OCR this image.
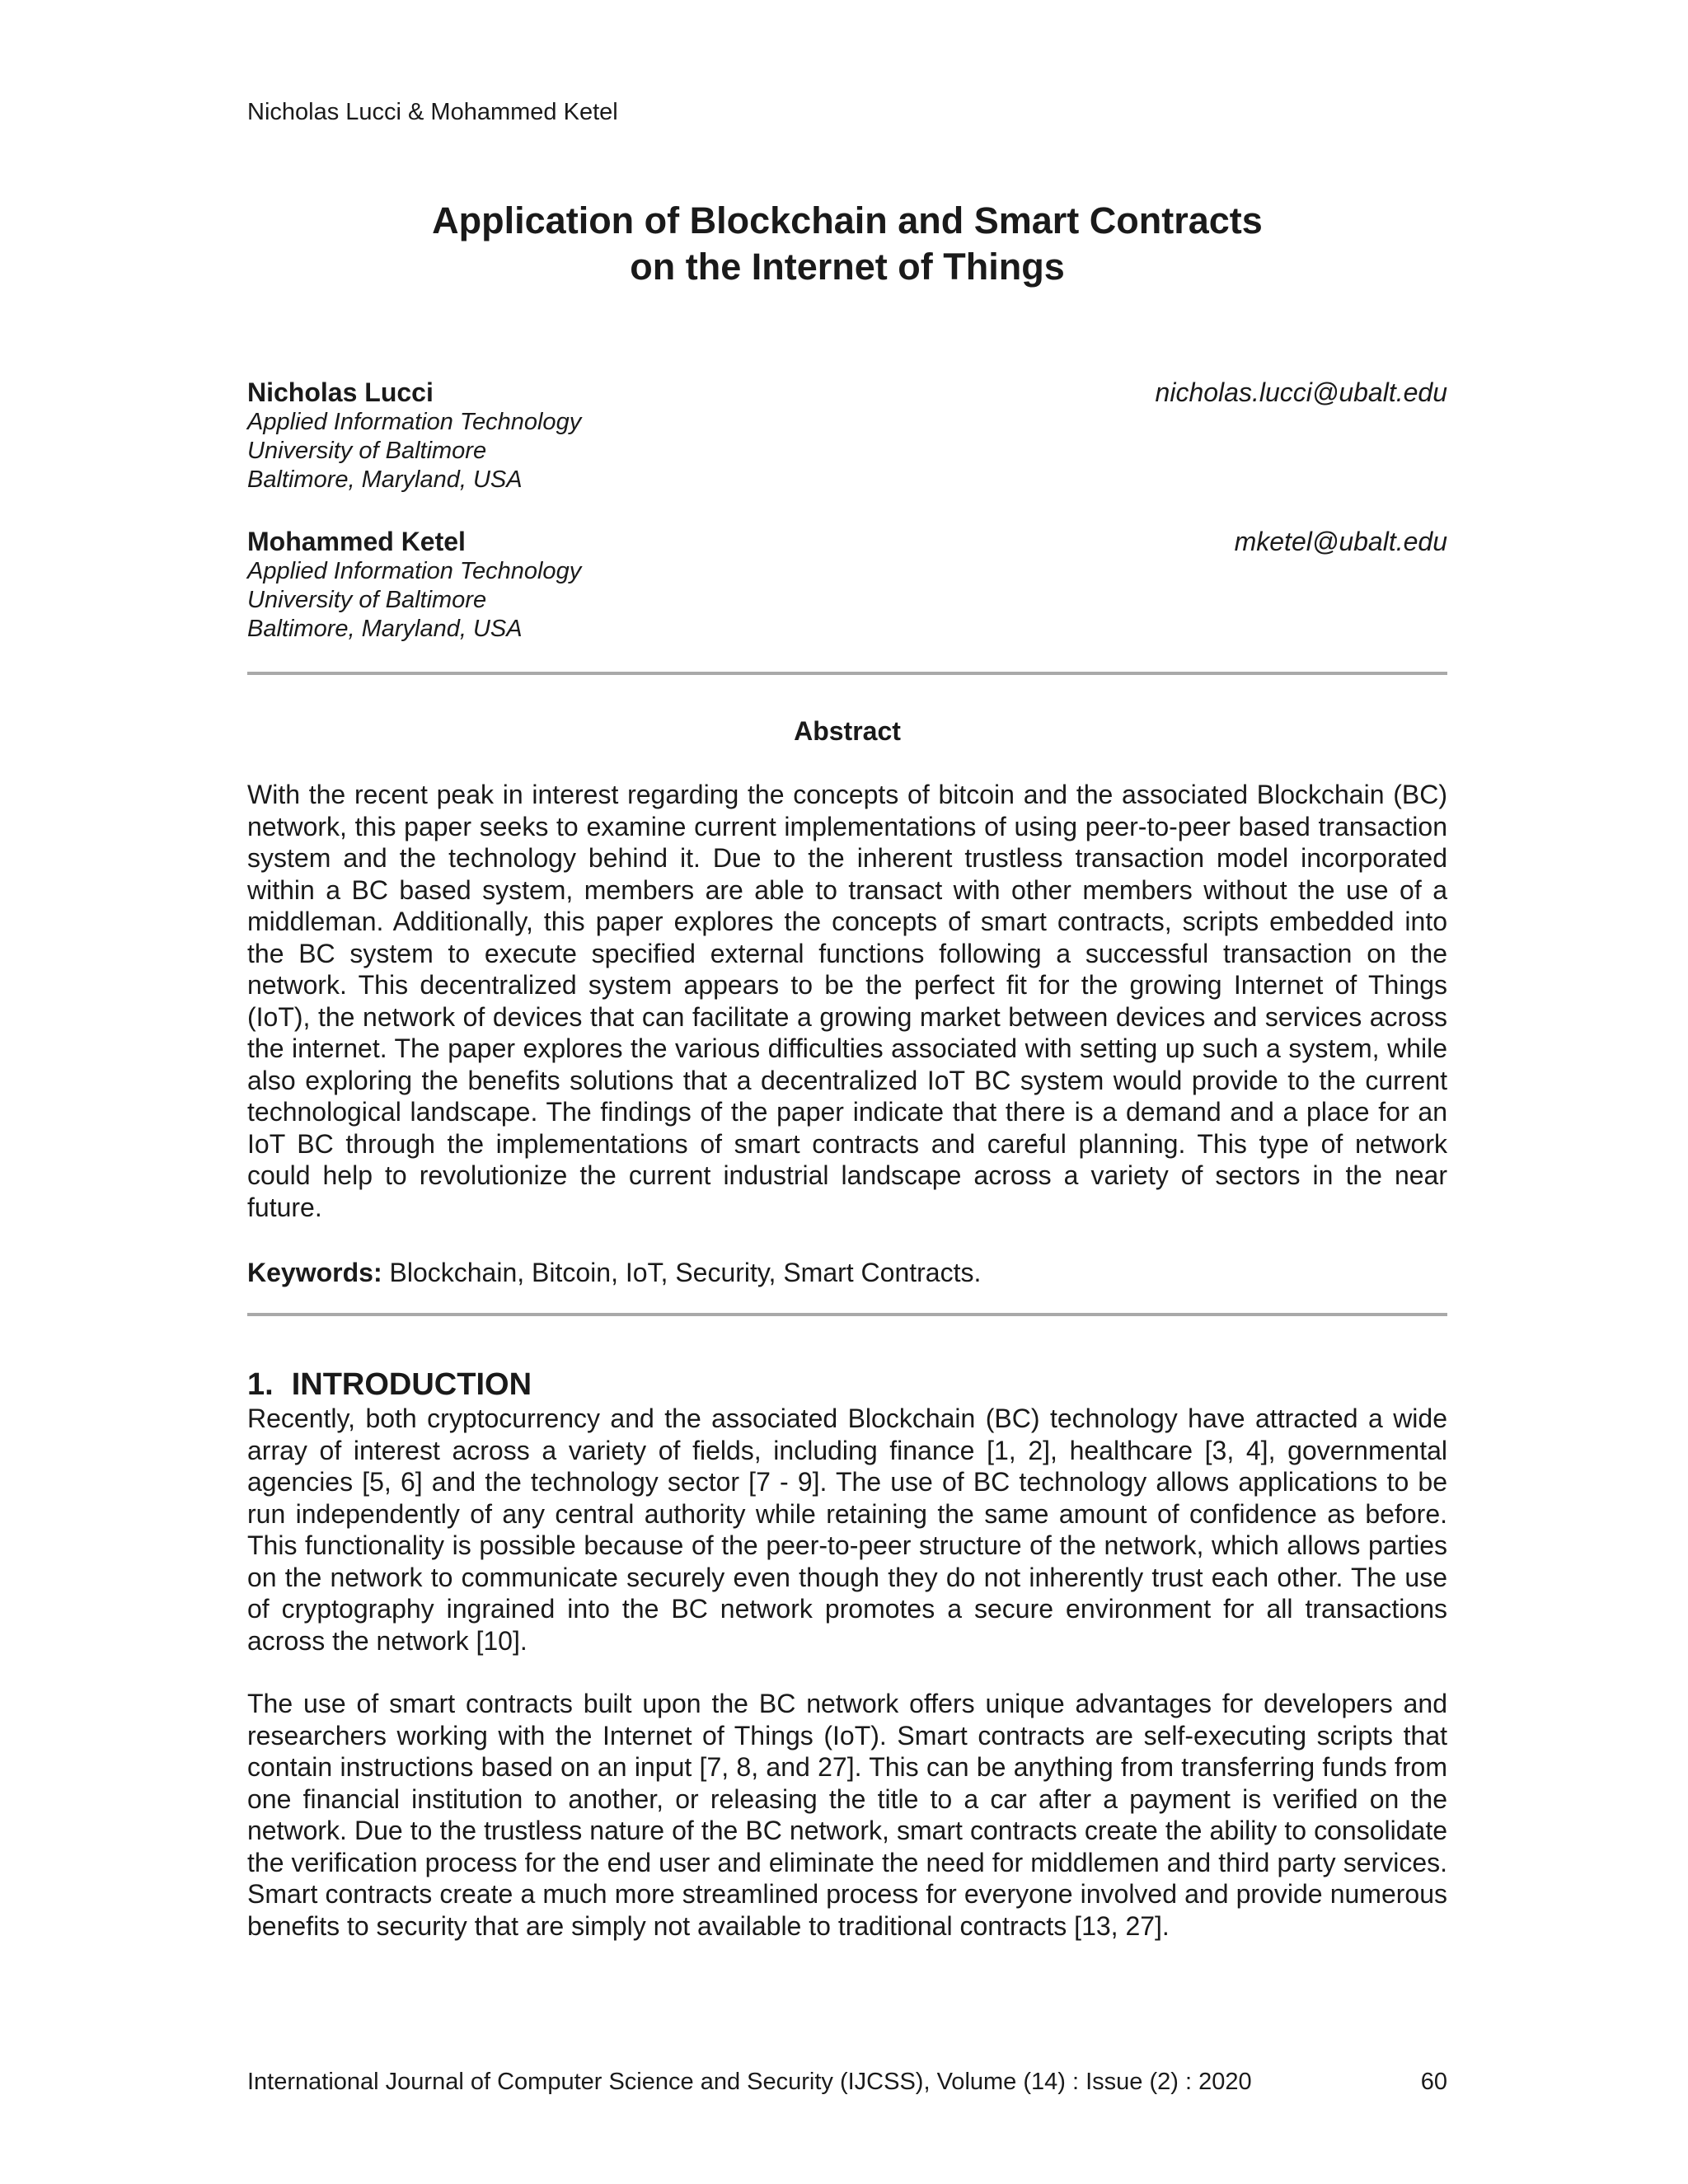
Nicholas Lucci & Mohammed Ketel
Application of Blockchain and Smart Contracts
on the Internet of Things
Nicholas Lucci	nicholas.lucci@ubalt.edu
Applied Information Technology
University of Baltimore
Baltimore, Maryland, USA
Mohammed Ketel	mketel@ubalt.edu
Applied Information Technology
University of Baltimore
Baltimore, Maryland, USA
Abstract
With the recent peak in interest regarding the concepts of bitcoin and the associated Blockchain (BC) network, this paper seeks to examine current implementations of using peer-to-peer based transaction system and the technology behind it. Due to the inherent trustless transaction model incorporated within a BC based system, members are able to transact with other members without the use of a middleman. Additionally, this paper explores the concepts of smart contracts, scripts embedded into the BC system to execute specified external functions following a successful transaction on the network. This decentralized system appears to be the perfect fit for the growing Internet of Things (IoT), the network of devices that can facilitate a growing market between devices and services across the internet. The paper explores the various difficulties associated with setting up such a system, while also exploring the benefits solutions that a decentralized IoT BC system would provide to the current technological landscape. The findings of the paper indicate that there is a demand and a place for an IoT BC through the implementations of smart contracts and careful planning. This type of network could help to revolutionize the current industrial landscape across a variety of sectors in the near future.
Keywords: Blockchain, Bitcoin, IoT, Security, Smart Contracts.
1. INTRODUCTION
Recently, both cryptocurrency and the associated Blockchain (BC) technology have attracted a wide array of interest across a variety of fields, including finance [1, 2], healthcare [3, 4], governmental agencies [5, 6] and the technology sector [7 - 9]. The use of BC technology allows applications to be run independently of any central authority while retaining the same amount of confidence as before. This functionality is possible because of the peer-to-peer structure of the network, which allows parties on the network to communicate securely even though they do not inherently trust each other. The use of cryptography ingrained into the BC network promotes a secure environment for all transactions across the network [10].
The use of smart contracts built upon the BC network offers unique advantages for developers and researchers working with the Internet of Things (IoT). Smart contracts are self-executing scripts that contain instructions based on an input [7, 8, and 27]. This can be anything from transferring funds from one financial institution to another, or releasing the title to a car after a payment is verified on the network. Due to the trustless nature of the BC network, smart contracts create the ability to consolidate the verification process for the end user and eliminate the need for middlemen and third party services. Smart contracts create a much more streamlined process for everyone involved and provide numerous benefits to security that are simply not available to traditional contracts [13, 27].
International Journal of Computer Science and Security (IJCSS), Volume (14) : Issue (2) : 2020	60
